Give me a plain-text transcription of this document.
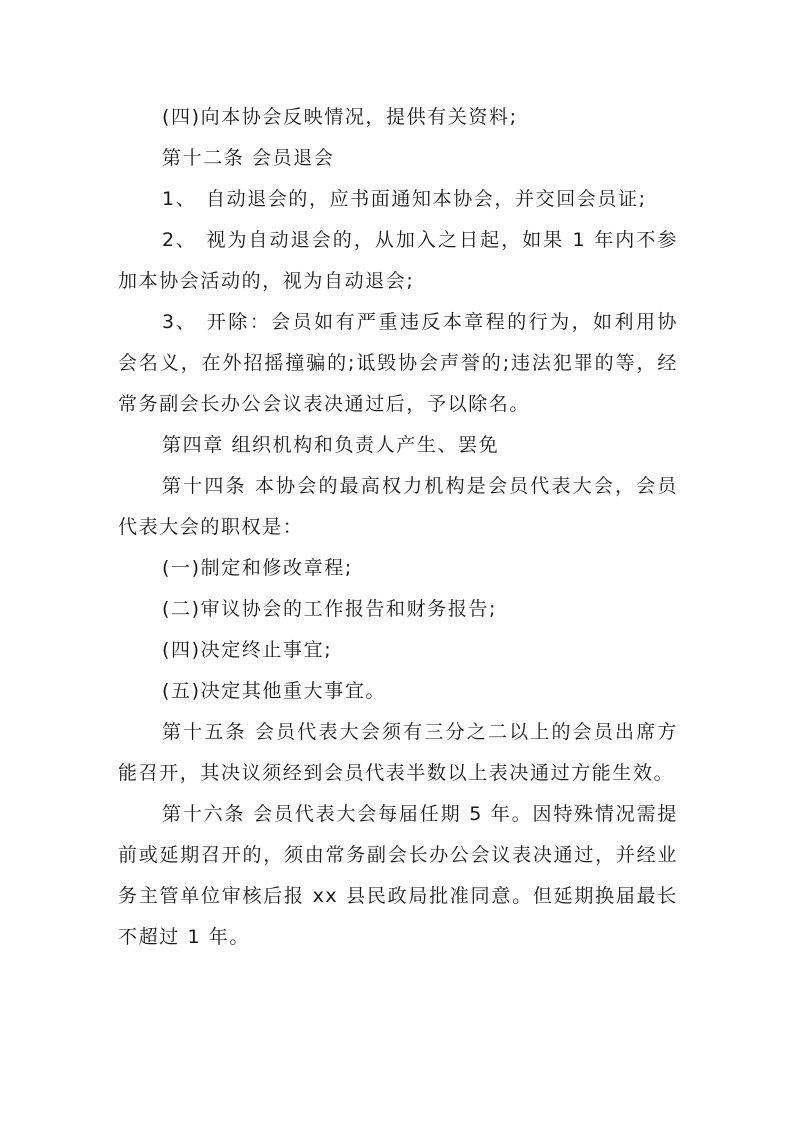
(四)向本协会反映情况，提供有关资料;

第十二条 会员退会

1、 自动退会的，应书面通知本协会，并交回会员证;

2、 视为自动退会的，从加入之日起，如果 1 年内不参加本协会活动的，视为自动退会;

3、 开除：会员如有严重违反本章程的行为，如利用协会名义，在外招摇撞骗的;诋毁协会声誉的;违法犯罪的等，经常务副会长办公会议表决通过后，予以除名。

第四章 组织机构和负责人产生、罢免

第十四条 本协会的最高权力机构是会员代表大会，会员代表大会的职权是：

(一)制定和修改章程;

(二)审议协会的工作报告和财务报告;

(四)决定终止事宜;

(五)决定其他重大事宜。

第十五条 会员代表大会须有三分之二以上的会员出席方能召开，其决议须经到会员代表半数以上表决通过方能生效。

第十六条 会员代表大会每届任期 5 年。因特殊情况需提前或延期召开的，须由常务副会长办公会议表决通过，并经业务主管单位审核后报 xx 县民政局批准同意。但延期换届最长不超过 1 年。
